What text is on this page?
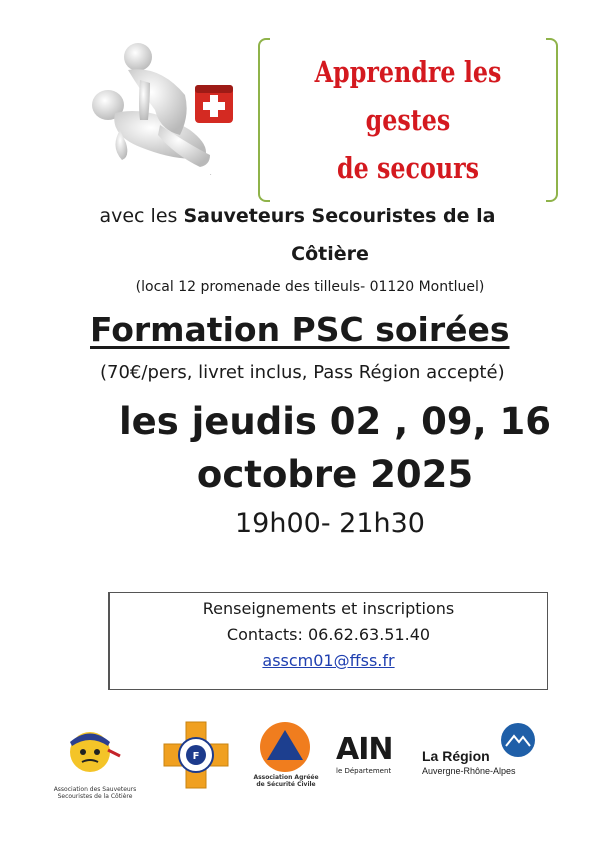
.
Apprendre les
gestes
de secours
avec les Sauveteurs Secouristes de la
Côtière
(local 12 promenade des tilleuls- 01120 Montluel)
Formation PSC soirées
(70€/pers, livret inclus, Pass Région accepté)
les jeudis 02 , 09, 16
octobre 2025
19h00- 21h30
Renseignements et inscriptions
Contacts: 06.62.63.51.40
asscm01@ffss.fr
Association des Sauveteurs Secouristes de la Côtière
F
Association Agréée de Sécurité Civile
AIN
le Département
La Région
Auvergne-Rhône-Alpes
